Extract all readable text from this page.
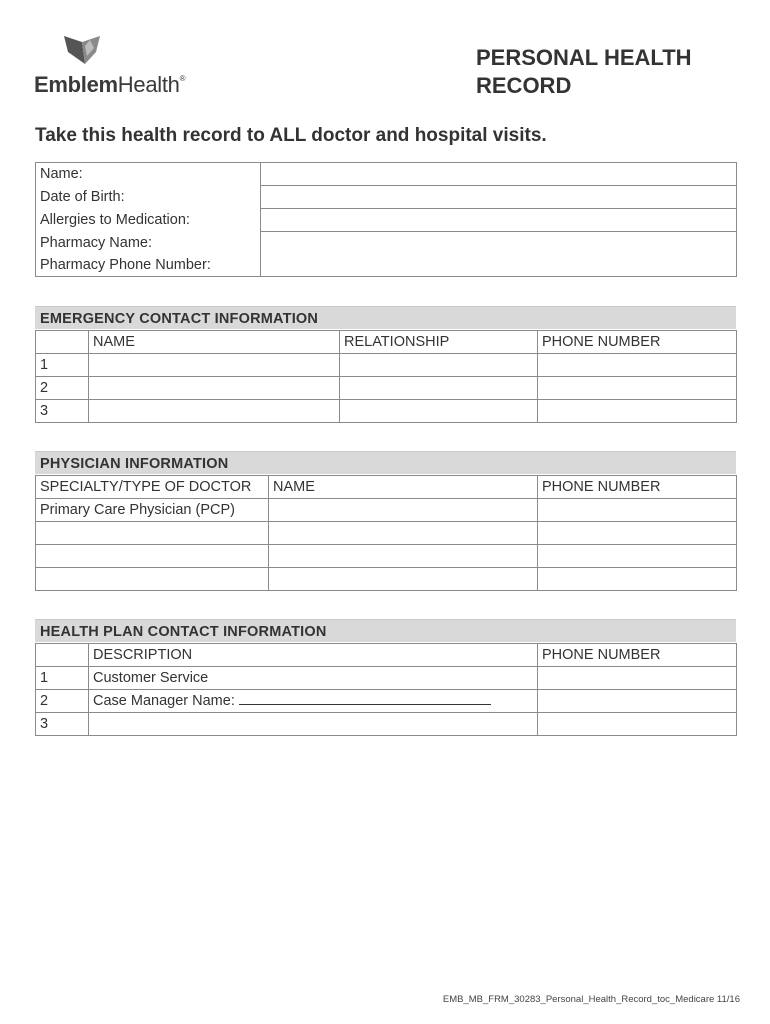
EmblemHealth®
PERSONAL HEALTH
RECORD
Take this health record to ALL doctor and hospital visits.
Name:	
Date of Birth:	
Allergies to Medication:	
Pharmacy Name:	
Pharmacy Phone Number:	
EMERGENCY CONTACT INFORMATION
	NAME	RELATIONSHIP	PHONE NUMBER
1			
2			
3			
PHYSICIAN INFORMATION
SPECIALTY/TYPE OF DOCTOR	NAME	PHONE NUMBER
Primary Care Physician (PCP)		

HEALTH PLAN CONTACT INFORMATION
	DESCRIPTION	PHONE NUMBER
1	Customer Service	
2	Case Manager Name:	
3		
EMB_MB_FRM_30283_Personal_Health_Record_toc_Medicare 11/16
